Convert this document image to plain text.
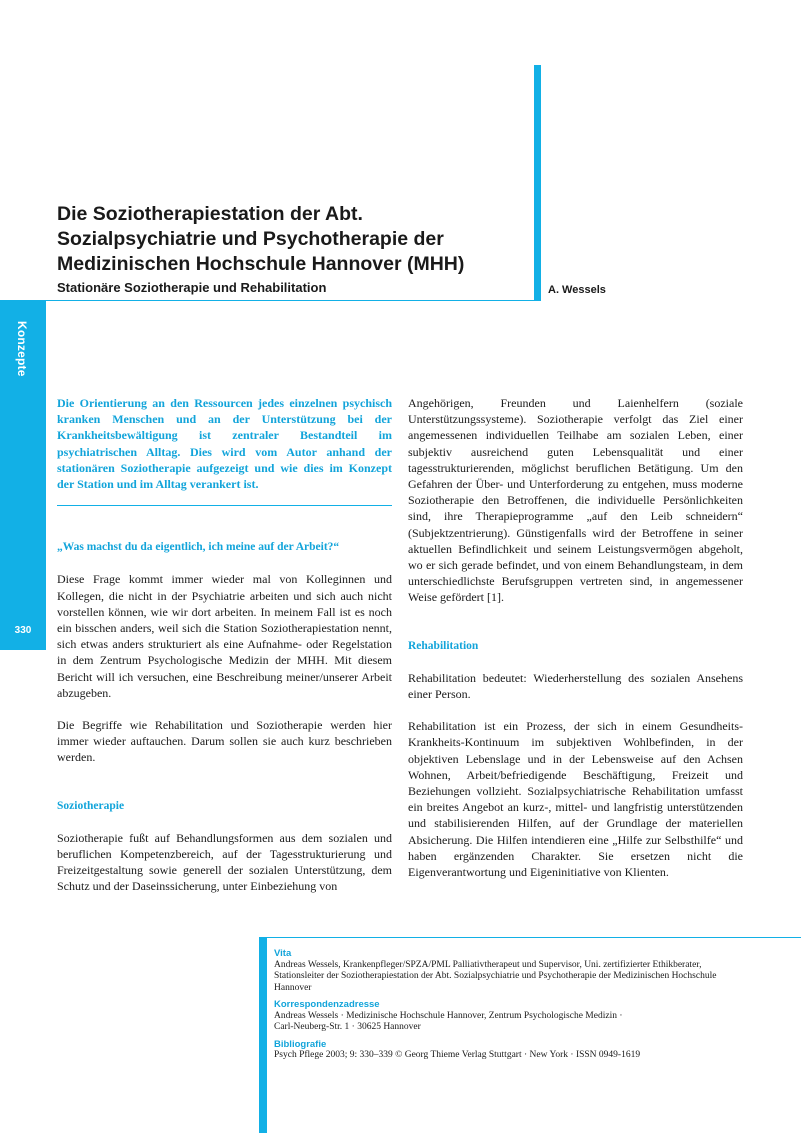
Die Soziotherapiestation der Abt. Sozialpsychiatrie und Psychotherapie der Medizinischen Hochschule Hannover (MHH)
Stationäre Soziotherapie und Rehabilitation	A. Wessels
Konzepte
330

Die Orientierung an den Ressourcen jedes einzelnen psychisch kranken Menschen und an der Unterstützung bei der Krankheitsbewältigung ist zentraler Bestandteil im psychiatrischen Alltag. Dies wird vom Autor anhand der stationären Soziotherapie aufgezeigt und wie dies im Konzept der Station und im Alltag verankert ist.

„Was machst du da eigentlich, ich meine auf der Arbeit?“

Diese Frage kommt immer wieder mal von Kolleginnen und Kollegen, die nicht in der Psychiatrie arbeiten und sich auch nicht vorstellen können, wie wir dort arbeiten. In meinem Fall ist es noch ein bisschen anders, weil sich die Station Soziotherapiestation nennt, sich etwas anders strukturiert als eine Aufnahme- oder Regelstation in dem Zentrum Psychologische Medizin der MHH. Mit diesem Bericht will ich versuchen, eine Beschreibung meiner/unserer Arbeit abzugeben.

Die Begriffe wie Rehabilitation und Soziotherapie werden hier immer wieder auftauchen. Darum sollen sie auch kurz beschrieben werden.

Soziotherapie

Soziotherapie fußt auf Behandlungsformen aus dem sozialen und beruflichen Kompetenzbereich, auf der Tagesstrukturierung und Freizeitgestaltung sowie generell der sozialen Unterstützung, dem Schutz und der Daseinssicherung, unter Einbeziehung von

Angehörigen, Freunden und Laienhelfern (soziale Unterstützungssysteme). Soziotherapie verfolgt das Ziel einer angemessenen individuellen Teilhabe am sozialen Leben, einer subjektiv ausreichend guten Lebensqualität und einer tagesstrukturierenden, möglichst beruflichen Betätigung. Um den Gefahren der Über- und Unterforderung zu entgehen, muss moderne Soziotherapie den Betroffenen, die individuelle Persönlichkeiten sind, ihre Therapieprogramme „auf den Leib schneidern“ (Subjektzentrierung). Günstigenfalls wird der Betroffene in seiner aktuellen Befindlichkeit und seinem Leistungsvermögen abgeholt, wo er sich gerade befindet, und von einem Behandlungsteam, in dem unterschiedlichste Berufsgruppen vertreten sind, in angemessener Weise gefördert [1].

Rehabilitation

Rehabilitation bedeutet: Wiederherstellung des sozialen Ansehens einer Person.

Rehabilitation ist ein Prozess, der sich in einem Gesundheits-Krankheits-Kontinuum im subjektiven Wohlbefinden, in der objektiven Lebenslage und in der Lebensweise auf den Achsen Wohnen, Arbeit/befriedigende Beschäftigung, Freizeit und Beziehungen vollzieht. Sozialpsychiatrische Rehabilitation umfasst ein breites Angebot an kurz-, mittel- und langfristig unterstützenden und stabilisierenden Hilfen, auf der Grundlage der materiellen Absicherung. Die Hilfen intendieren eine „Hilfe zur Selbsthilfe“ und haben ergänzenden Charakter. Sie ersetzen nicht die Eigenverantwortung und Eigeninitiative von Klienten.

Vita
Andreas Wessels, Krankenpfleger/SPZA/PML Palliativtherapeut und Supervisor, Uni. zertifizierter Ethikberater, Stationsleiter der Soziotherapiestation der Abt. Sozialpsychiatrie und Psychotherapie der Medizinischen Hochschule Hannover
Korrespondenzadresse
Andreas Wessels · Medizinische Hochschule Hannover, Zentrum Psychologische Medizin ·
Carl-Neuberg-Str. 1 · 30625 Hannover
Bibliografie
Psych Pflege 2003; 9: 330–339 © Georg Thieme Verlag Stuttgart · New York · ISSN 0949-1619
